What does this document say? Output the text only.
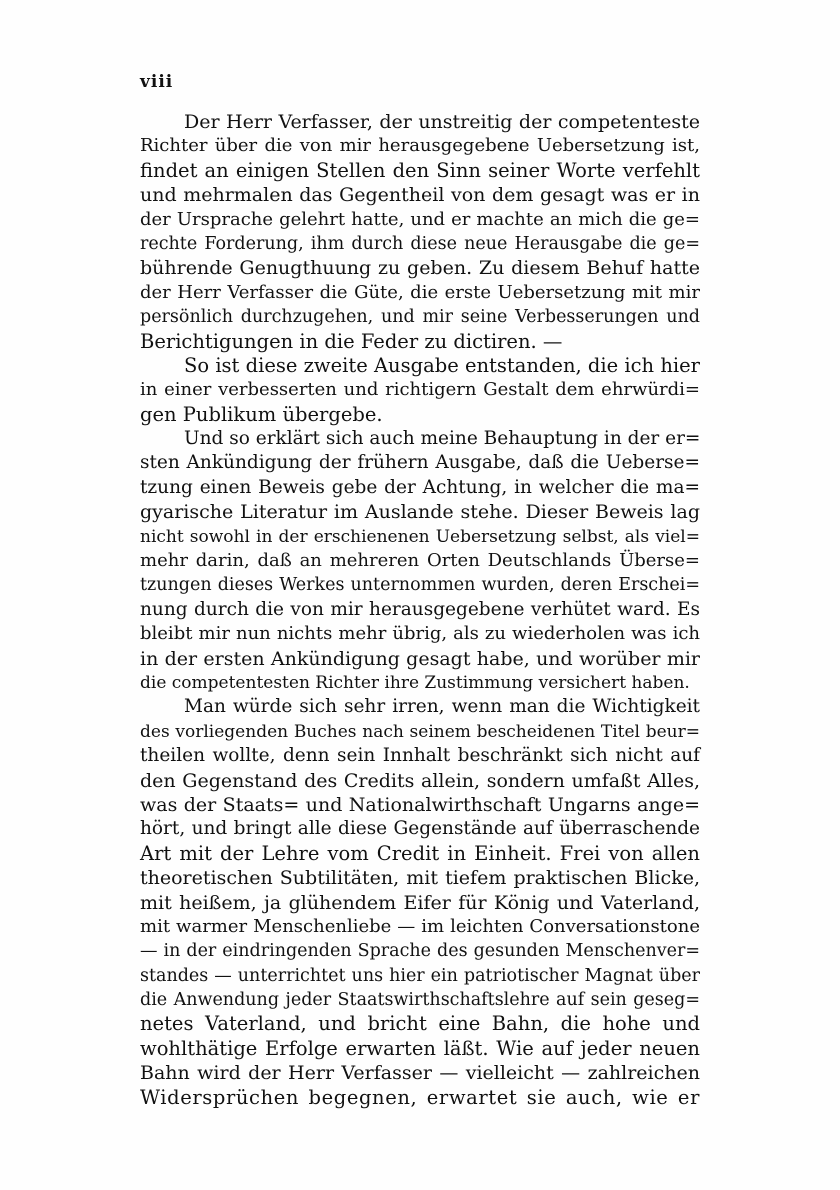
viii
Der Herr Verfasser, der unstreitig der competenteste
Richter über die von mir herausgegebene Uebersetzung ist,
findet an einigen Stellen den Sinn seiner Worte verfehlt
und mehrmalen das Gegentheil von dem gesagt was er in
der Ursprache gelehrt hatte, und er machte an mich die ge=
rechte Forderung, ihm durch diese neue Herausgabe die ge=
bührende Genugthuung zu geben. Zu diesem Behuf hatte
der Herr Verfasser die Güte, die erste Uebersetzung mit mir
persönlich durchzugehen, und mir seine Verbesserungen und
Berichtigungen in die Feder zu dictiren. —
So ist diese zweite Ausgabe entstanden, die ich hier
in einer verbesserten und richtigern Gestalt dem ehrwürdi=
gen Publikum übergebe.
Und so erklärt sich auch meine Behauptung in der er=
sten Ankündigung der frühern Ausgabe, daß die Ueberse=
tzung einen Beweis gebe der Achtung, in welcher die ma=
gyarische Literatur im Auslande stehe. Dieser Beweis lag
nicht sowohl in der erschienenen Uebersetzung selbst, als viel=
mehr darin, daß an mehreren Orten Deutschlands Überse=
tzungen dieses Werkes unternommen wurden, deren Erschei=
nung durch die von mir herausgegebene verhütet ward. Es
bleibt mir nun nichts mehr übrig, als zu wiederholen was ich
in der ersten Ankündigung gesagt habe, und worüber mir
die competentesten Richter ihre Zustimmung versichert haben.
Man würde sich sehr irren, wenn man die Wichtigkeit
des vorliegenden Buches nach seinem bescheidenen Titel beur=
theilen wollte, denn sein Innhalt beschränkt sich nicht auf
den Gegenstand des Credits allein, sondern umfaßt Alles,
was der Staats= und Nationalwirthschaft Ungarns ange=
hört, und bringt alle diese Gegenstände auf überraschende
Art mit der Lehre vom Credit in Einheit. Frei von allen
theoretischen Subtilitäten, mit tiefem praktischen Blicke,
mit heißem, ja glühendem Eifer für König und Vaterland,
mit warmer Menschenliebe — im leichten Conversationstone
— in der eindringenden Sprache des gesunden Menschenver=
standes — unterrichtet uns hier ein patriotischer Magnat über
die Anwendung jeder Staatswirthschaftslehre auf sein geseg=
netes Vaterland, und bricht eine Bahn, die hohe und
wohlthätige Erfolge erwarten läßt. Wie auf jeder neuen
Bahn wird der Herr Verfasser — vielleicht — zahlreichen
Widersprüchen begegnen, erwartet sie auch, wie er
